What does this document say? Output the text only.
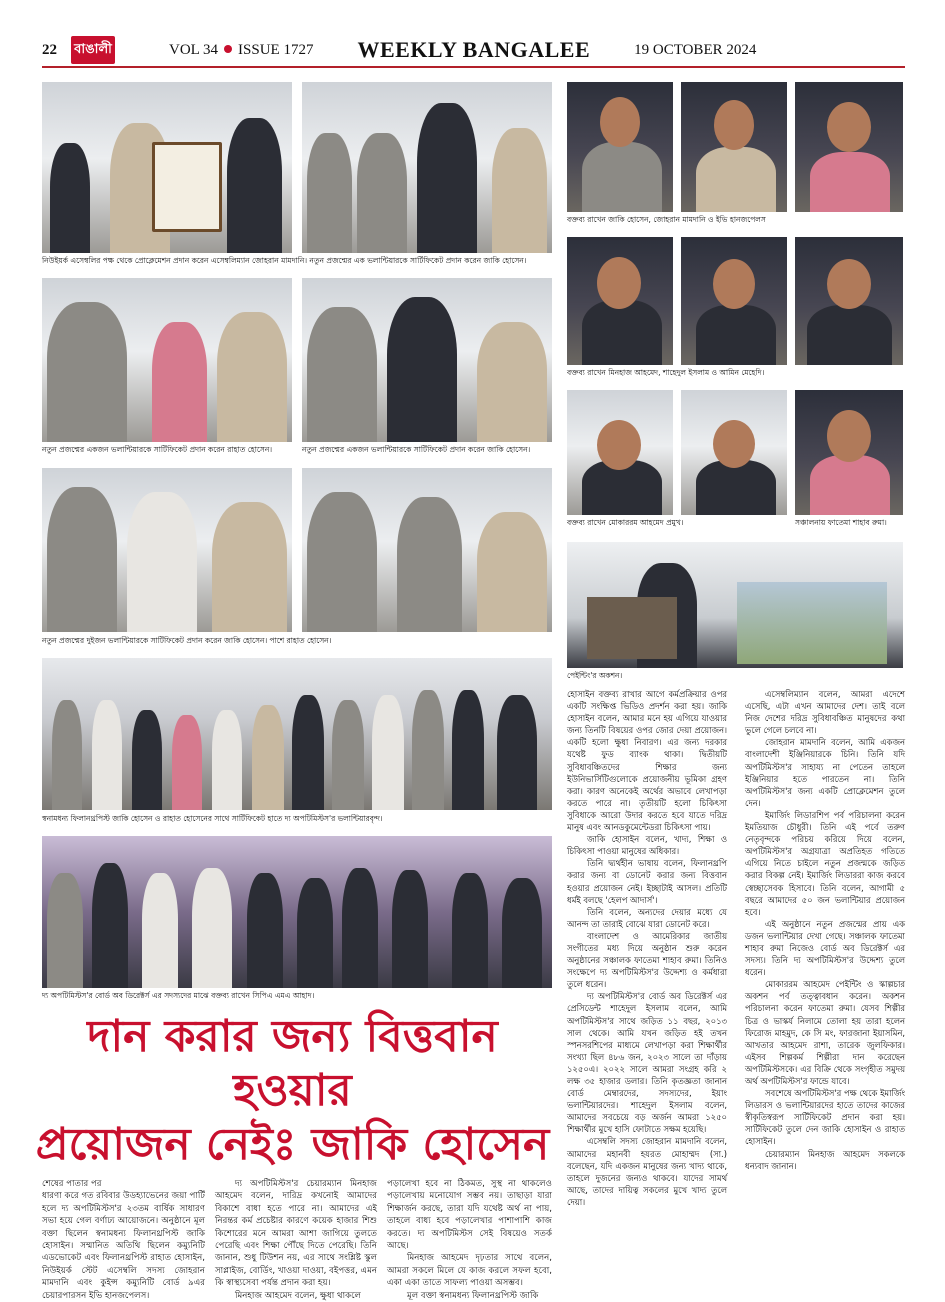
22 বাঙালী	VOL 34 ISSUE 1727 WEEKLY BANGALEE	19 OCTOBER 2024
নিউইয়র্ক এসেম্বলির পক্ষ থেকে প্রোক্লেমেশন প্রদান করেন এসেম্বলিম্যান জোহরান মামদানি। নতুন প্রজন্মের এক ভলান্টিয়ারকে সার্টিফিকেট প্রদান করেন জাকি হোসেন।
নতুন প্রজন্মের একজন ভলান্টিয়ারকে সার্টিফিকেট প্রদান করেন রাহাত হোসেন।	নতুন প্রজন্মের একজন ভলান্টিয়ারকে সার্টিফিকেট প্রদান করেন জাকি হোসেন।
নতুন প্রজন্মের দুইজন ভলান্টিয়ারকে সার্টিফিকেট প্রদান করেন জাকি হোসেন। পাশে রাহাত হোসেন।
স্বনামধন্য ফিলানথ্রপিস্ট জাকি হোসেন ও রাহাত হোসেনের সাথে সার্টিফিকেট হাতে দ্য অপটিমিস্টস'র ভলান্টিয়ারবৃন্দ।
দ্য অপটিমিস্টস'র বোর্ড অব ডিরেক্টর্স এর সদস্যদের মাঝে বক্তব্য রাখেন সিপিএ এমএ আহাদ।
বক্তব্য রাখেন জাকি হোসেন, জোহরান মামদানি ও ইভি হানজপেলস
বক্তব্য রাখেন মিনহাজ আহমেদ, শাহেদুল ইসলাম ও আমিন মেহেদি।
বক্তব্য রাখেন মোকাররম আহমেদ প্রমুখ।	সঞ্চালনায় ফাতেমা শাহাব রুমা।
পেইন্টিং'র অকশন।
দান করার জন্য বিত্তবান হওয়ার
প্রয়োজন নেইঃ জাকি হোসেন

শেষের পাতার পর

ধারণা করে গত রবিবার উডহ্যাভেনের জয়া পার্টি হলে দ্য অপটিমিস্টস'র ২৩তম বার্ষিক সাধারণ সভা হয়ে গেল বর্ণাঢ্য আয়োজনে। অনুষ্ঠানে মূল বক্তা ছিলেন স্বনামধন্য ফিলানথ্রপিস্ট জাকি হোসাইন। সম্মানিত অতিথি ছিলেন কম্যুনিটি এডভোকেট এবং ফিলানথ্রপিস্ট রাহাত হোসাইন, নিউইয়র্ক স্টেট এসেম্বলি সদস্য জোহরান মামদানি এবং কুইন্স কম্যুনিটি বোর্ড ৯এর চেয়ারপারসন ইভি হানজপেলস।

দ্য অপটিমিস্টস'র চেয়ারম্যান মিনহাজ আহমেদ বলেন, দারিদ্র কখনোই আমাদের বিকাশে বাধা হতে পারে না। আমাদের এই নিরন্তর কর্ম প্রচেষ্টার কারণে কয়েক হাজার শিশু কিশোরের মনে আমরা আশা জাগিয়ে তুলতে পেরেছি এবং শিক্ষা পৌঁছে দিতে পেরেছি। তিনি জানান, শুধু টিউশন নয়, এর সাথে সংশ্লিষ্ট স্কুল সাপ্লাইজ, বোর্ডিং, খাওয়া দাওয়া, বইপত্তর, এমন কি স্বাস্থ্যসেবা পর্যন্ত প্রদান করা হয়।

মিনহাজ আহমেদ বলেন, ক্ষুধা থাকলে

পড়ালেখা হবে না ঠিকমত, সুস্থ না থাকলেও পড়ালেখায় মনোযোগ সম্ভব নয়। তাছাড়া যারা শিক্ষার্জন করছে, তারা যদি যথেষ্ট অর্থ না পায়, তাহলে বাধ্য হবে পড়ালেখার পাশাপাশি কাজ করতে। দ্য অপটিমিস্টস সেই বিষয়েও সতর্ক আছে।

মিনহাজ আহমেদ দৃঢ়তার সাথে বলেন, আমরা সকলে মিলে যে কাজ করলে সফল হবো, একা একা তাতে সাফল্য পাওয়া অসম্ভব।

মূল বক্তা স্বনামধন্য ফিলানথ্রপিস্ট জাকি

হোসাইন বক্তব্য রাখার আগে কর্মপ্রক্রিয়ার ওপর একটি সংক্ষিপ্ত ভিডিও প্রদর্শন করা হয়। জাকি হোসাইন বলেন, আমার মনে হয় এগিয়ে যাওয়ার জন্য তিনটি বিষয়ের ওপর জোর দেয়া প্রয়োজন। একটি হলো ক্ষুধা নিবারণ। এর জন্য দরকার যথেষ্ট ফুড ব্যাংক থাকা। দ্বিতীয়টি সুবিধাবঞ্চিতদের শিক্ষার জন্য ইউনিভার্সিটিগুলোকে প্রয়োজনীয় ভূমিকা গ্রহণ করা। কারণ অনেকেই অর্থের অভাবে লেখাপড়া করতে পারে না। তৃতীয়টি হলো চিকিৎসা সুবিধাকে আরো উদার করতে হবে যাতে দরিদ্র মানুষ এবং আনডকুমেন্টেডরা চিকিৎসা পায়।

জাকি হোসাইন বলেন, খাদ্য, শিক্ষা ও চিকিৎসা পাওয়া মানুষের অধিকার।

তিনি দ্ব্যর্থহীন ভাষায় বলেন, ফিলানথ্রপি করার জন্য বা ডোনেট করার জন্য বিত্তবান হওয়ার প্রয়োজন নেই। ইচ্ছাটাই আসল। প্রতিটি ধর্মই বলছে 'হেলপ আদার্স'।

তিনি বলেন, অন্যদের দেয়ার মধ্যে যে আনন্দ তা তারাই বোঝে যারা ডোনেট করে।

বাংলাদেশ ও আমেরিকার জাতীয় সংগীতের মধ্য দিয়ে অনুষ্ঠান শুরু করেন অনুষ্ঠানের সঞ্চালক ফাতেমা শাহাব রুমা। তিনিও সংক্ষেপে দ্য অপটিমিস্টস'র উদ্দেশ্য ও কর্মধারা তুলে ধরেন।

দ্য অপটিমিস্টস'র বোর্ড অব ডিরেক্টর্স এর প্রেসিডেন্ট শাহেদুল ইসলাম বলেন, আমি অপটিমিস্টস'র সাথে জড়িত ১১ বছর, ২০১৩ সাল থেকে। আমি যখন জড়িত হই তখন স্পনসরশিপের মাধ্যমে লেখাপড়া করা শিক্ষার্থীর সংখ্যা ছিল ৪৮৬ জন, ২০২৩ সালে তা দাঁড়ায় ১২৫০এ। ২০২২ সালে আমরা সংগ্রহ করি ২ লক্ষ ৩৫ হাজার ডলার। তিনি কৃতজ্ঞতা জানান বোর্ড মেম্বারদের, সদস্যদের, ইয়াং ভলান্টিয়ারদের। শাহেদুল ইসলাম বলেন, আমাদের সবচেয়ে বড় অর্জন আমরা ১২৫০ শিক্ষার্থীর মুখে হাসি ফোটাতে সক্ষম হয়েছি।

এসেম্বলি সদস্য জোহরান মামদানি বলেন, আমাদের মহানবী হযরত মোহাম্মদ (সা.) বলেছেন, যদি একজন মানুষের জন্য খাদ্য থাকে, তাহলে দুজনের জন্যও থাকবে। যাদের সামর্থ আছে, তাদের দায়িত্ব সকলের মুখে খাদ্য তুলে দেয়া।

এসেম্বলিম্যান বলেন, আমরা এদেশে এসেছি, এটা এখন আমাদের দেশ। তাই বলে নিজ দেশের দরিদ্র সুবিধাবঞ্চিত মানুষদের কথা ভুলে গেলে চলবে না।

জোহরান মামদানি বলেন, আমি একজন বাংলাদেশী ইঞ্জিনিয়ারকে চিনি। তিনি যদি অপটিমিস্টস'র সাহায্য না পেতেন তাহলে ইঞ্জিনিয়ার হতে পারতেন না। তিনি অপটিমিস্টস'র জন্য একটি প্রোক্লেমেশন তুলে দেন।

ইমার্জিং লিডারশিপ পর্ব পরিচালনা করেন ইমতিয়াজ চৌধুরী। তিনি এই পর্বে তরুণ নেতৃবৃন্দকে পরিচয় করিয়ে দিয়ে বলেন, অপটিমিস্টস'র অগ্রযাত্রা অপ্রতিহত গতিতে এগিয়ে নিতে চাইলে নতুন প্রজন্মকে জড়িত করার বিকল্প নেই। ইমার্জিং লিডাররা কাজ করবে স্বেচ্ছাসেবক হিসাবে। তিনি বলেন, আগামী ৫ বছরে আমাদের ৫০ জন ভলান্টিয়ার প্রয়োজন হবে।

এই অনুষ্ঠানে নতুন প্রজন্মের প্রায় এক ডজন ভলান্টিয়ার দেখা গেছে। সঞ্চালক ফাতেমা শাহাব রুমা নিজেও বোর্ড অব ডিরেক্টর্স এর সদস্য। তিনি দ্য অপটিমিস্টস'র উদ্দেশ্য তুলে ধরেন।

মোকাররম আহমেদ পেইন্টিং ও স্কাল্পচার অকশন পর্ব তত্ত্বাবধান করেন। অকশন পরিচালনা করেন ফাতেমা রুমা। যেসব শিল্পীর চিত্র ও ভাস্কর্য নিলামে তোলা হয় তারা হলেন ফিরোজ মাহমুদ, কে সি মং, ফারজানা ইয়াসমিন, আখতার আহমেদ রাশা, তারেক জুলফিকার। এইসব শিল্পকর্ম শিল্পীরা দান করেছেন অপটিমিস্টসকে। এর বিক্রি থেকে সংগৃহীত সমুদয় অর্থ অপটিমিস্টস'র ফান্ডে যাবে।

সবশেষে অপটিমিস্টস'র পক্ষ থেকে ইমার্জিং লিডারস ও ভলান্টিয়ারদের হাতে তাদের কাজের স্বীকৃতিস্বরূপ সার্টিফিকেট প্রদান করা হয়। সার্টিফিকেট তুলে দেন জাকি হোসাইন ও রাহাত হোসাইন।

চেয়ারম্যান মিনহাজ আহমেদ সকলকে ধন্যবাদ জানান।
